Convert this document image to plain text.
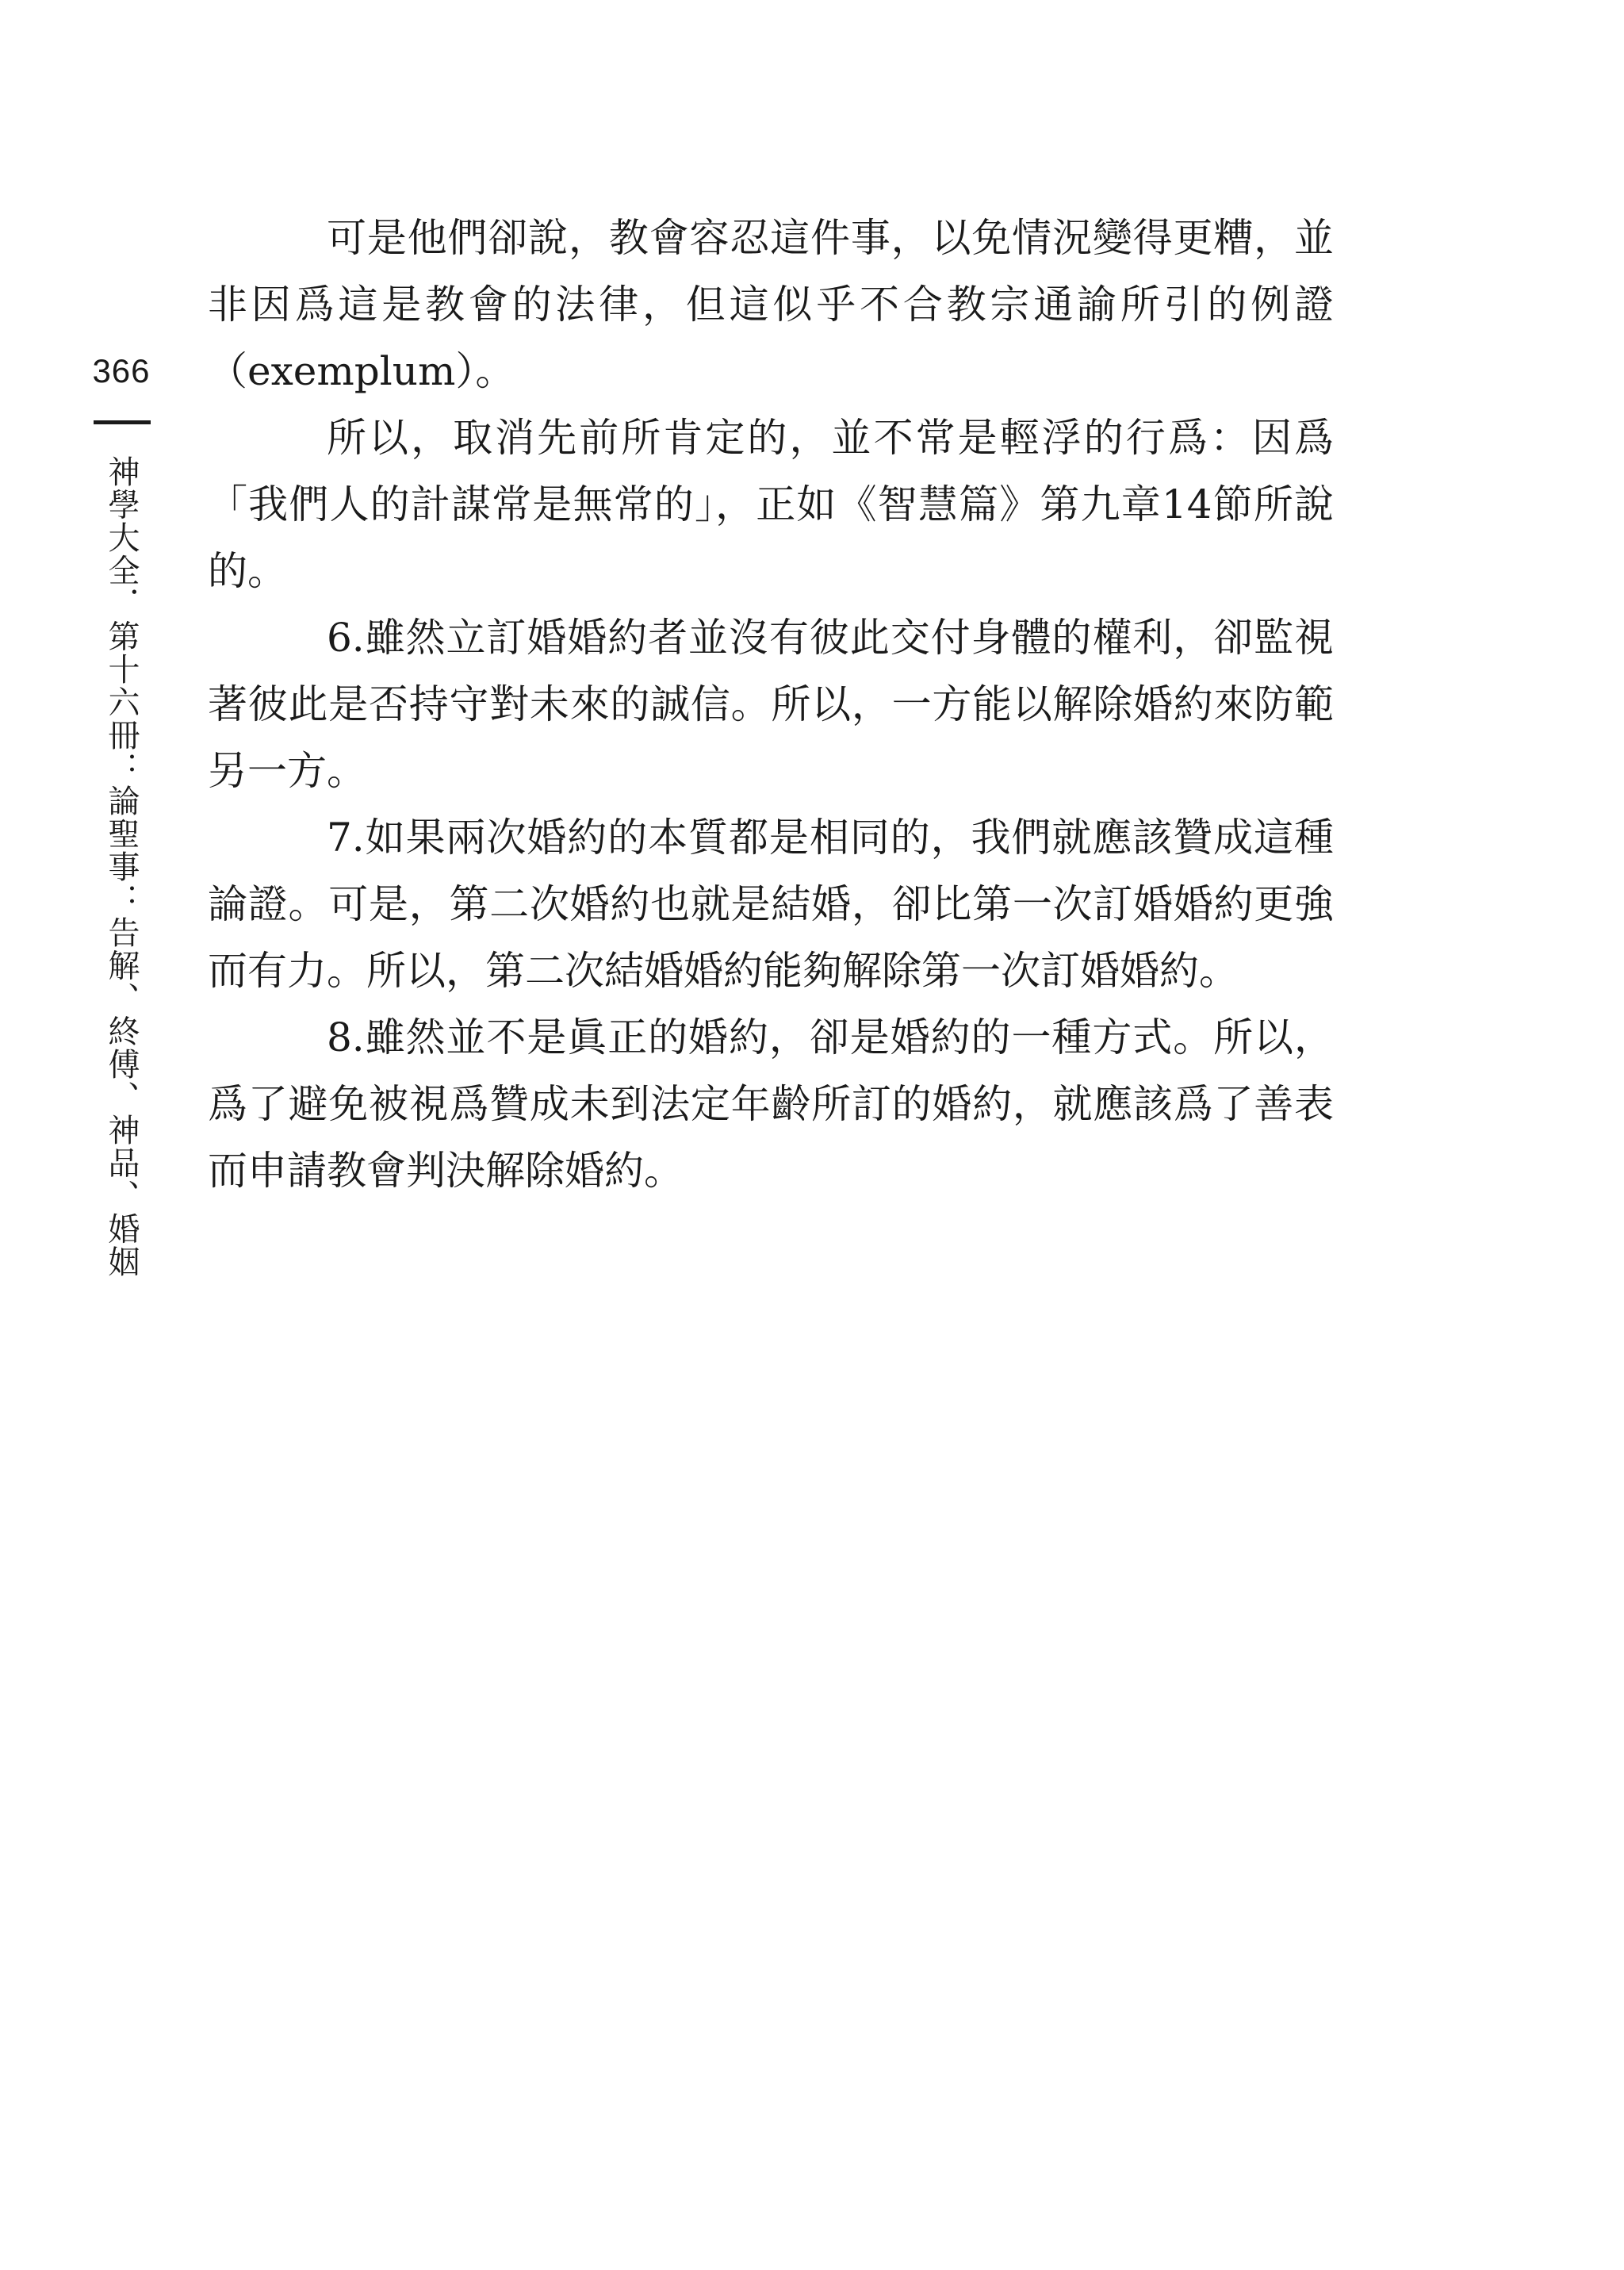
366
神學大全．第十六冊：論聖事：告解、終傅、神品、婚姻

可是他們卻說，教會容忍這件事，以免情況變得更糟，並非因爲這是教會的法律，但這似乎不合教宗通諭所引的例證（exemplum）。

所以，取消先前所肯定的，並不常是輕浮的行爲：因爲「我們人的計謀常是無常的」，正如《智慧篇》第九章14節所說的。

6.雖然立訂婚婚約者並沒有彼此交付身體的權利，卻監視著彼此是否持守對未來的誠信。所以，一方能以解除婚約來防範另一方。

7.如果兩次婚約的本質都是相同的，我們就應該贊成這種論證。可是，第二次婚約也就是結婚，卻比第一次訂婚婚約更強而有力。所以，第二次結婚婚約能夠解除第一次訂婚婚約。

8.雖然並不是眞正的婚約，卻是婚約的一種方式。所以，爲了避免被視爲贊成未到法定年齡所訂的婚約，就應該爲了善表而申請教會判決解除婚約。
